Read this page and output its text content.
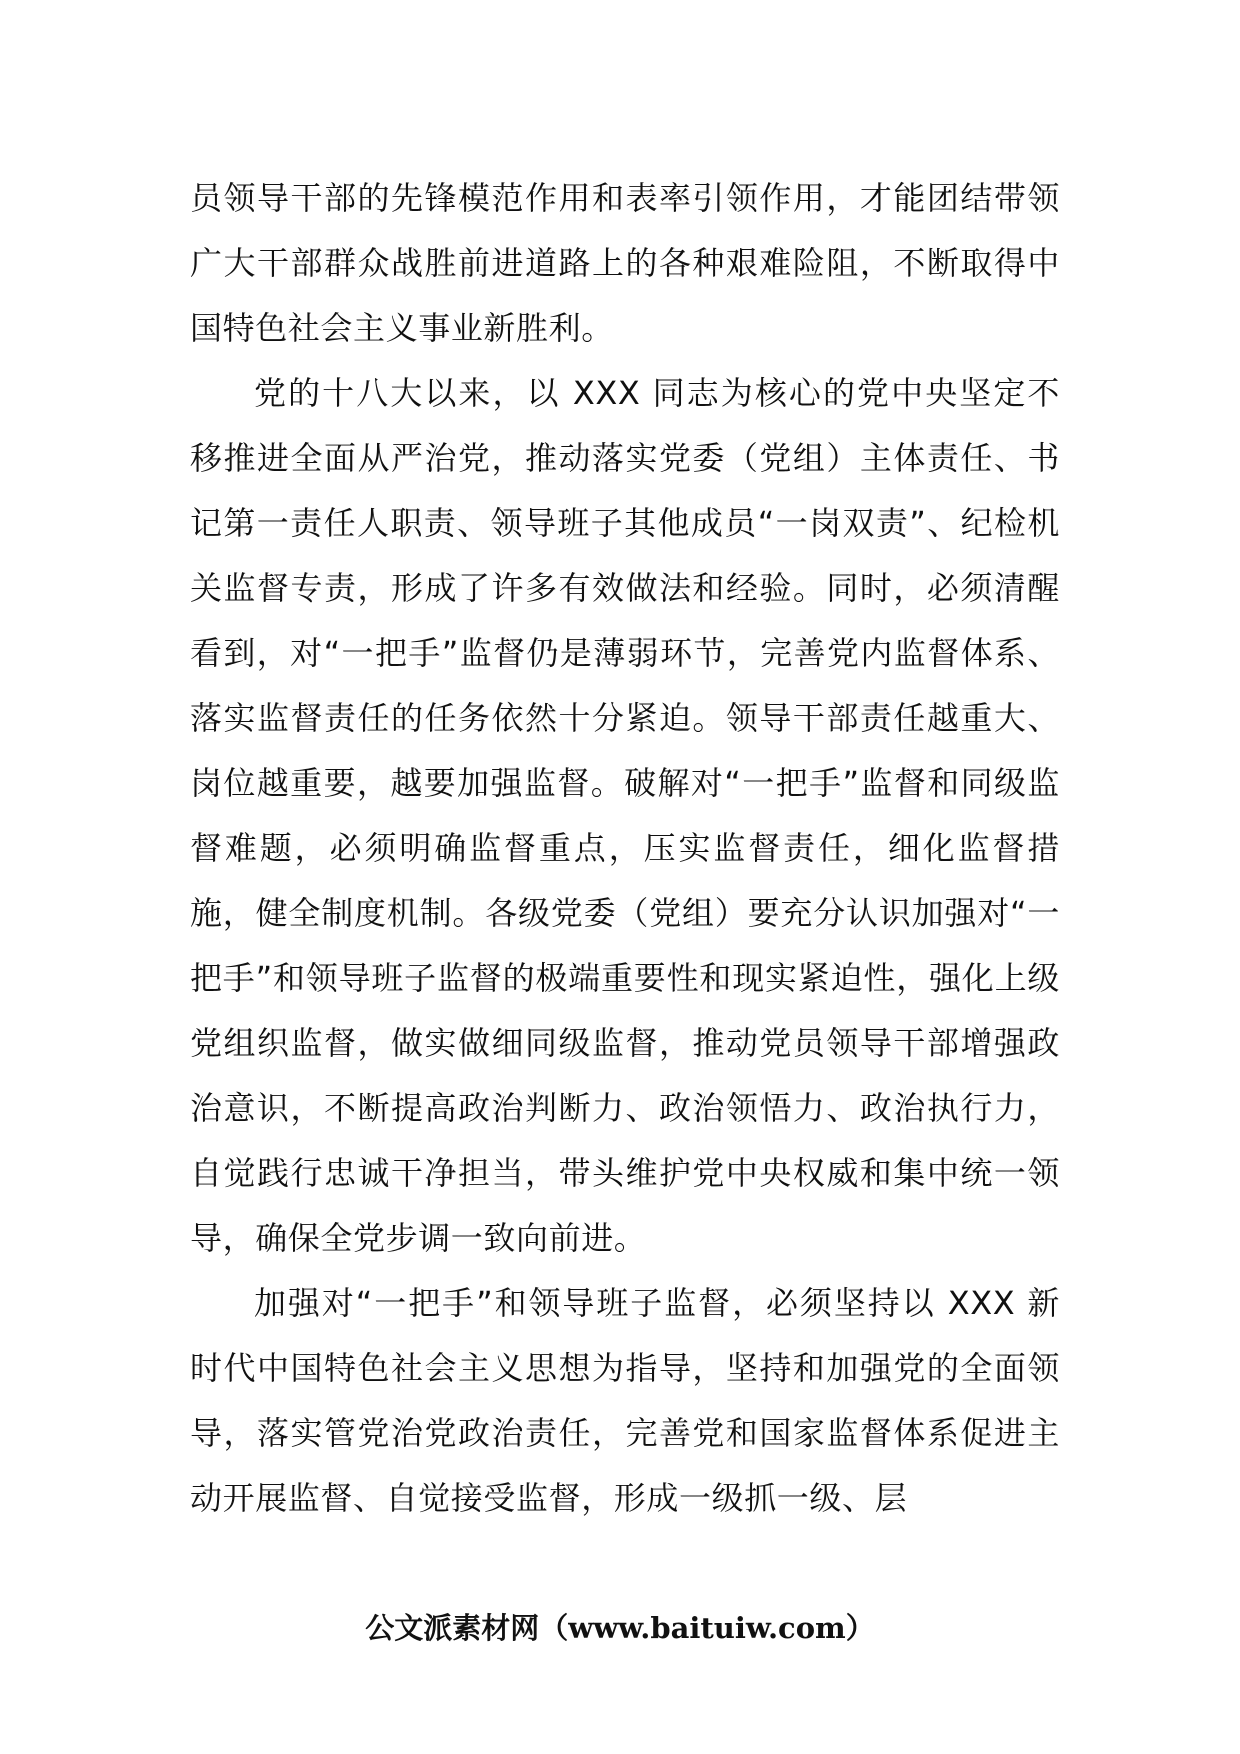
员领导干部的先锋模范作用和表率引领作用，才能团结带领广大干部群众战胜前进道路上的各种艰难险阻，不断取得中国特色社会主义事业新胜利。

党的十八大以来，以 XXX 同志为核心的党中央坚定不移推进全面从严治党，推动落实党委（党组）主体责任、书记第一责任人职责、领导班子其他成员“一岗双责”、纪检机关监督专责，形成了许多有效做法和经验。同时，必须清醒看到，对“一把手”监督仍是薄弱环节，完善党内监督体系、落实监督责任的任务依然十分紧迫。领导干部责任越重大、岗位越重要，越要加强监督。破解对“一把手”监督和同级监督难题，必须明确监督重点，压实监督责任，细化监督措施，健全制度机制。各级党委（党组）要充分认识加强对“一把手”和领导班子监督的极端重要性和现实紧迫性，强化上级党组织监督，做实做细同级监督，推动党员领导干部增强政治意识，不断提高政治判断力、政治领悟力、政治执行力，自觉践行忠诚干净担当，带头维护党中央权威和集中统一领导，确保全党步调一致向前进。

加强对“一把手”和领导班子监督，必须坚持以 XXX 新时代中国特色社会主义思想为指导，坚持和加强党的全面领导，落实管党治党政治责任，完善党和国家监督体系促进主动开展监督、自觉接受监督，形成一级抓一级、层

公文派素材网（www.baituiw.com）
